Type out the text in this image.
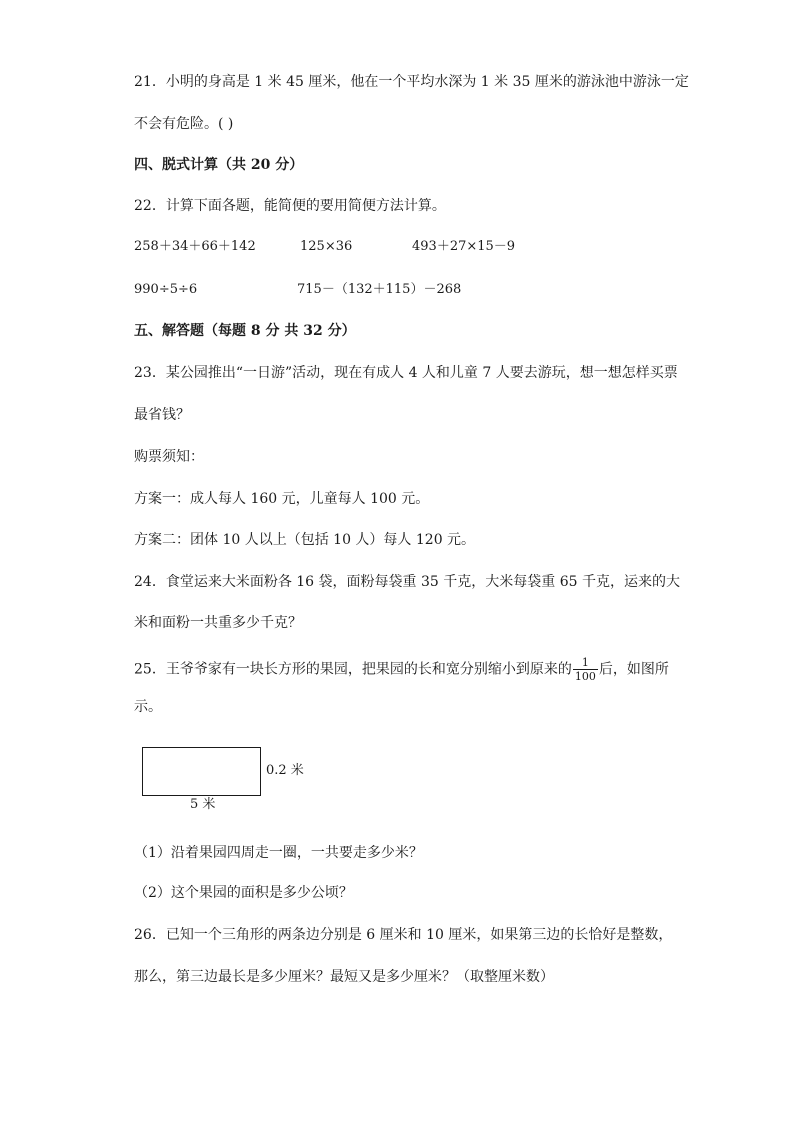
21．小明的身高是 1 米 45 厘米，他在一个平均水深为 1 米 35 厘米的游泳池中游泳一定
不会有危险。( )
四、脱式计算（共 20 分）
22．计算下面各题，能简便的要用简便方法计算。
258＋34＋66＋142	125×36	493＋27×15－9
990÷5÷6	715－（132＋115）－268
五、解答题（每题 8 分 共 32 分）
23．某公园推出“一日游”活动，现在有成人 4 人和儿童 7 人要去游玩，想一想怎样买票
最省钱？
购票须知：
方案一：成人每人 160 元，儿童每人 100 元。
方案二：团体 10 人以上（包括 10 人）每人 120 元。
24．食堂运来大米面粉各 16 袋，面粉每袋重 35 千克，大米每袋重 65 千克，运来的大
米和面粉一共重多少千克？
25．王爷爷家有一块长方形的果园，把果园的长和宽分别缩小到原来的 $\frac{1}{100}$ 后，如图所
示。
0.2 米
5 米
（1）沿着果园四周走一圈，一共要走多少米？
（2）这个果园的面积是多少公顷？
26．已知一个三角形的两条边分别是 6 厘米和 10 厘米，如果第三边的长恰好是整数，
那么，第三边最长是多少厘米？最短又是多少厘米？（取整厘米数）
